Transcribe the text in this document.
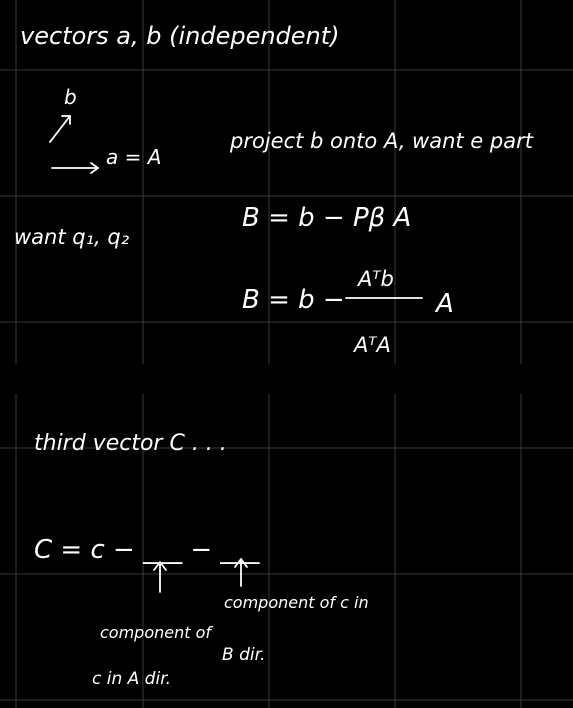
vectors a, b (independent)
b
a = A
project b onto A, want e part
want q₁, q₂
B = b − Pβ A
B = b −
Aᵀb
AᵀA
A
third vector C . . .
C = c − ___ − ___
component of
c in A dir.
component of c in
B dir.
